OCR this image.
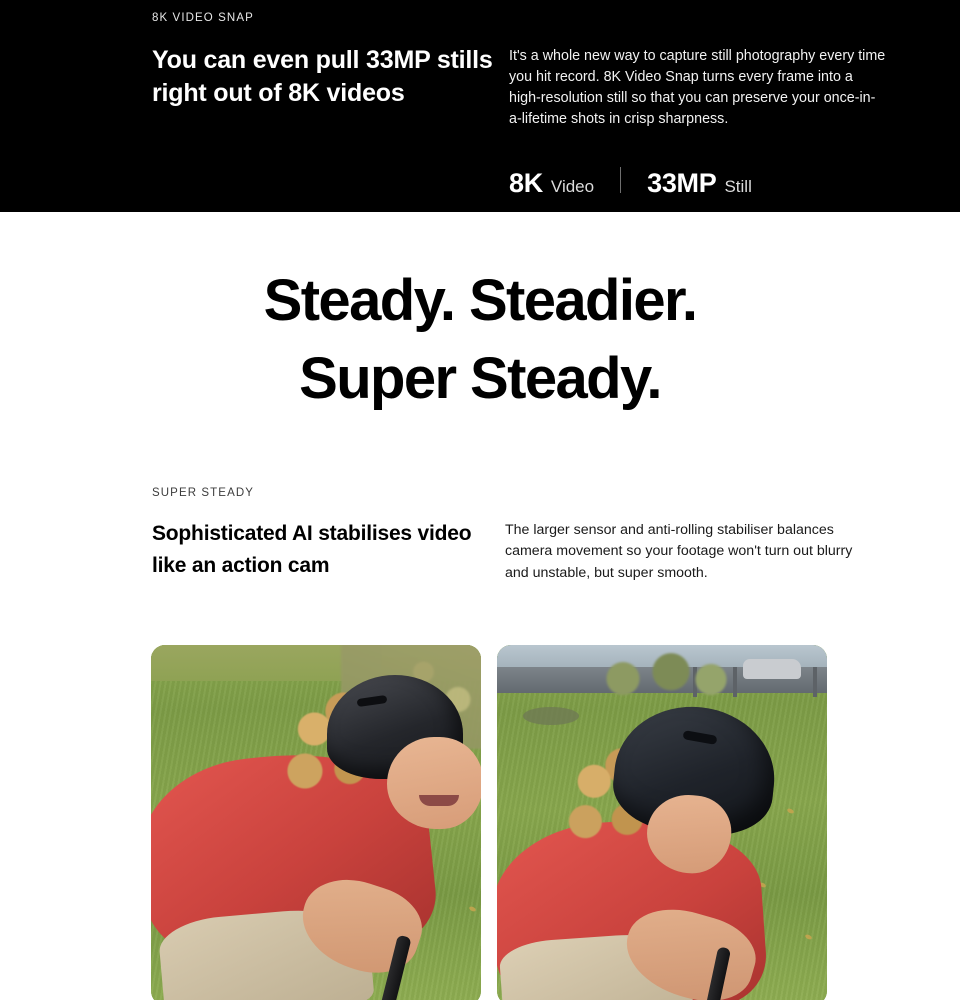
8K VIDEO SNAP
You can even pull 33MP stills right out of 8K videos

It's a whole new way to capture still photography every time you hit record. 8K Video Snap turns every frame into a high-resolution still so that you can preserve your once-in-a-lifetime shots in crisp sharpness.

8K Video 33MP Still
Steady. Steadier.
Super Steady.
SUPER STEADY
Sophisticated AI stabilises video like an action cam

The larger sensor and anti-rolling stabiliser balances camera movement so your footage won't turn out blurry and unstable, but super smooth.
